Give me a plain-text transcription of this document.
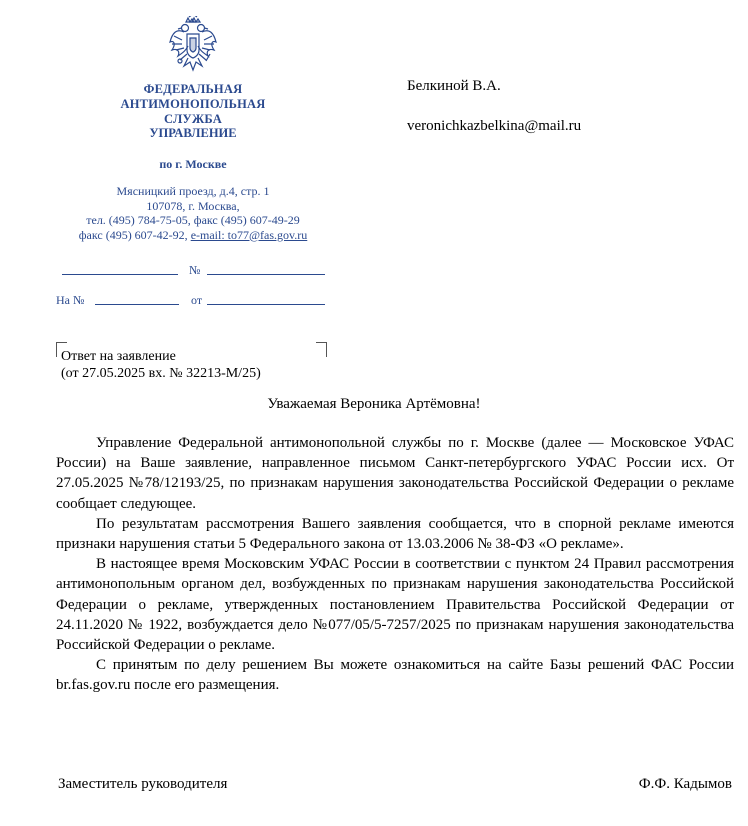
ФЕДЕРАЛЬНАЯ
АНТИМОНОПОЛЬНАЯ СЛУЖБА
УПРАВЛЕНИЕ
по г. Москве
Мясницкий проезд, д.4, стр. 1
107078, г. Москва,
тел. (495) 784-75-05, факс (495) 607-49-29
факс (495) 607-42-92, e-mail: to77@fas.gov.ru
№
На №	от
Белкиной В.А.
veronichkazbelkina@mail.ru
Ответ на заявление
(от 27.05.2025 вх. № 32213-М/25)
Уважаемая Вероника Артёмовна!

Управление Федеральной антимонопольной службы по г. Москве (далее — Московское УФАС России) на Ваше заявление, направленное письмом Санкт-петербургского УФАС России исх. От 27.05.2025 №78/12193/25, по признакам нарушения законодательства Российской Федерации о рекламе сообщает следующее.

По результатам рассмотрения Вашего заявления сообщается, что в спорной рекламе имеются признаки нарушения статьи 5 Федерального закона от 13.03.2006 № 38-ФЗ «О рекламе».

В настоящее время Московским УФАС России в соответствии с пунктом 24 Правил рассмотрения антимонопольным органом дел, возбужденных по признакам нарушения законодательства Российской Федерации о рекламе, утвержденных постановлением Правительства Российской Федерации от 24.11.2020 № 1922, возбуждается дело №077/05/5-7257/2025 по признакам нарушения законодательства Российской Федерации о рекламе.

С принятым по делу решением Вы можете ознакомиться на сайте Базы решений ФАС России br.fas.gov.ru после его размещения.

Заместитель руководителя	Ф.Ф. Кадымов
